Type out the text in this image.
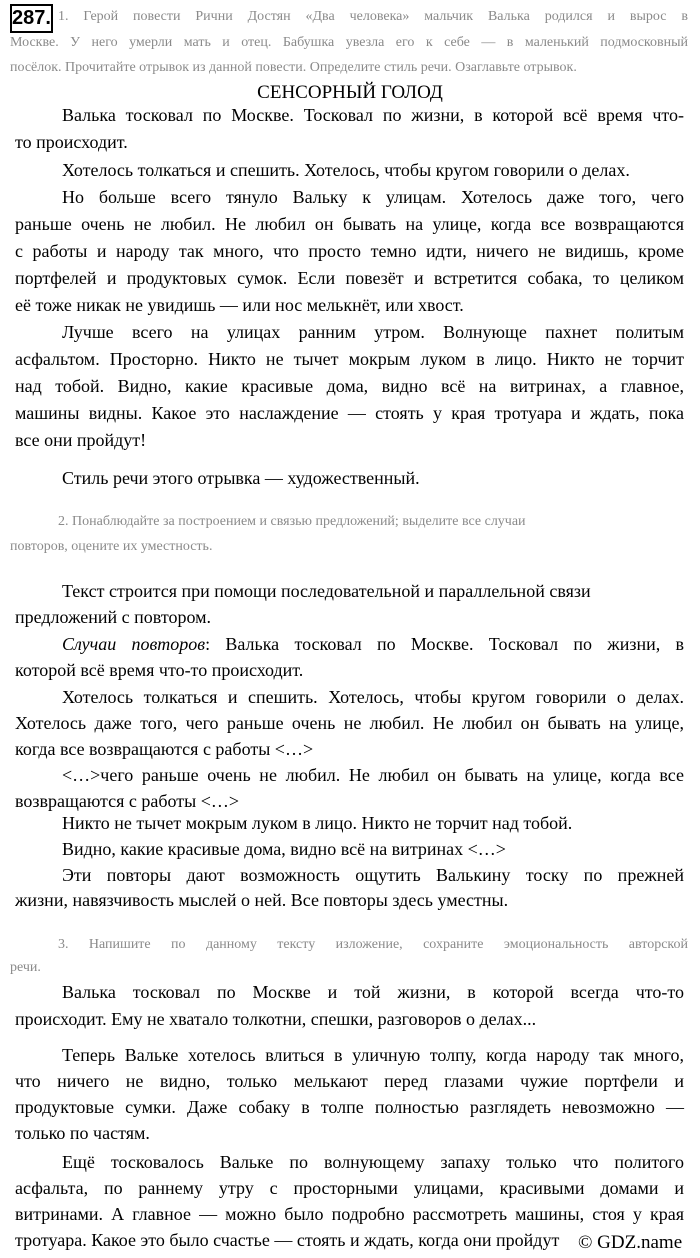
287.
СЕНСОРНЫЙ ГОЛОД
1. Герой повести Рични Достян «Два человека» мальчик Валька родился и вырос в
Москве. У него умерли мать и отец. Бабушка увезла его к себе — в маленький подмосковный
посёлок. Прочитайте отрывок из данной повести. Определите стиль речи. Озаглавьте отрывок.
Валька тосковал по Москве. Тосковал по жизни, в которой всё время что-
то происходит.
Хотелось толкаться и спешить. Хотелось, чтобы кругом говорили о делах.
Но больше всего тянуло Вальку к улицам. Хотелось даже того, чего
раньше очень не любил. Не любил он бывать на улице, когда все возвращаются
с работы и народу так много, что просто темно идти, ничего не видишь, кроме
портфелей и продуктовых сумок. Если повезёт и встретится собака, то целиком
её тоже никак не увидишь — или нос мелькнёт, или хвост.
Лучше всего на улицах ранним утром. Волнующе пахнет политым
асфальтом. Просторно. Никто не тычет мокрым луком в лицо. Никто не торчит
над тобой. Видно, какие красивые дома, видно всё на витринах, а главное,
машины видны. Какое это наслаждение — стоять у края тротуара и ждать, пока
все они пройдут!
Стиль речи этого отрывка — художественный.
2. Понаблюдайте за построением и связью предложений; выделите все случаи
повторов, оцените их уместность.
Текст строится при помощи последовательной и параллельной связи
предложений с повтором.
Случаи повторов: Валька тосковал по Москве. Тосковал по жизни, в
которой всё время что-то происходит.
Хотелось толкаться и спешить. Хотелось, чтобы кругом говорили о делах.
Хотелось даже того, чего раньше очень не любил. Не любил он бывать на улице,
когда все возвращаются с работы <…>
<…>чего раньше очень не любил. Не любил он бывать на улице, когда все
возвращаются с работы <…>
Никто не тычет мокрым луком в лицо. Никто не торчит над тобой.
Видно, какие красивые дома, видно всё на витринах <…>
Эти повторы дают возможность ощутить Валькину тоску по прежней
жизни, навязчивость мыслей о ней. Все повторы здесь уместны.
3. Напишите по данному тексту изложение, сохраните эмоциональность авторской
речи.
Валька тосковал по Москве и той жизни, в которой всегда что-то
происходит. Ему не хватало толкотни, спешки, разговоров о делах...
Теперь Вальке хотелось влиться в уличную толпу, когда народу так много,
что ничего не видно, только мелькают перед глазами чужие портфели и
продуктовые сумки. Даже собаку в толпе полностью разглядеть невозможно —
только по частям.
Ещё тосковалось Вальке по волнующему запаху только что политого
асфальта, по раннему утру с просторными улицами, красивыми домами и
витринами. А главное — можно было подробно рассмотреть машины, стоя у края
тротуара. Какое это было счастье — стоять и ждать, когда они пройдут © GDZ.name
